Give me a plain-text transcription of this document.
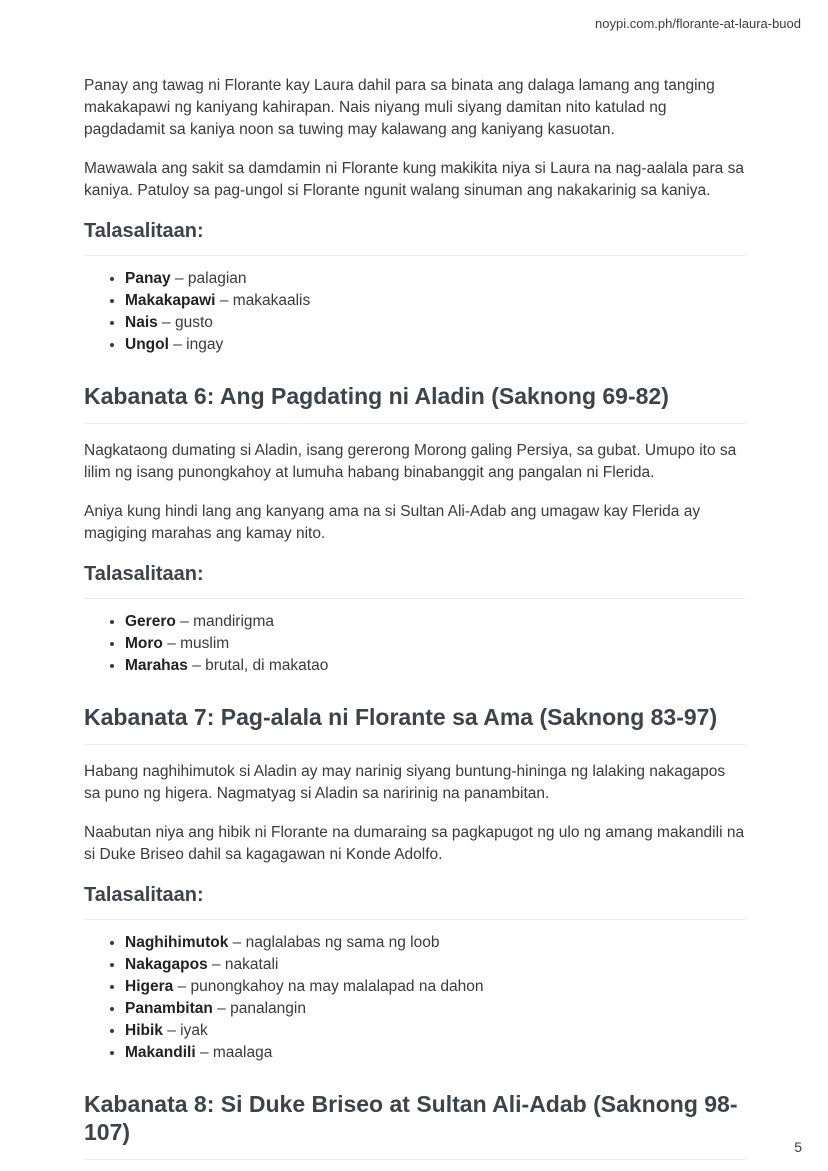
noypi.com.ph/florante-at-laura-buod

Panay ang tawag ni Florante kay Laura dahil para sa binata ang dalaga lamang ang tanging makakapawi ng kaniyang kahirapan. Nais niyang muli siyang damitan nito katulad ng pagdadamit sa kaniya noon sa tuwing may kalawang ang kaniyang kasuotan.

Mawawala ang sakit sa damdamin ni Florante kung makikita niya si Laura na nag-aalala para sa kaniya. Patuloy sa pag-ungol si Florante ngunit walang sinuman ang nakakarinig sa kaniya.

Talasalitaan:
• Panay – palagian
• Makakapawi – makakaalis
• Nais – gusto
• Ungol – ingay
Kabanata 6: Ang Pagdating ni Aladin (Saknong 69-82)

Nagkataong dumating si Aladin, isang gererong Morong galing Persiya, sa gubat. Umupo ito sa lilim ng isang punongkahoy at lumuha habang binabanggit ang pangalan ni Flerida.

Aniya kung hindi lang ang kanyang ama na si Sultan Ali-Adab ang umagaw kay Flerida ay magiging marahas ang kamay nito.

Talasalitaan:
• Gerero – mandirigma
• Moro – muslim
• Marahas – brutal, di makatao
Kabanata 7: Pag-alala ni Florante sa Ama (Saknong 83-97)

Habang naghihimutok si Aladin ay may narinig siyang buntung-hininga ng lalaking nakagapos sa puno ng higera. Nagmatyag si Aladin sa naririnig na panambitan.

Naabutan niya ang hibik ni Florante na dumaraing sa pagkapugot ng ulo ng amang makandili na si Duke Briseo dahil sa kagagawan ni Konde Adolfo.

Talasalitaan:
• Naghihimutok – naglalabas ng sama ng loob
• Nakagapos – nakatali
• Higera – punongkahoy na may malalapad na dahon
• Panambitan – panalangin
• Hibik – iyak
• Makandili – maalaga
Kabanata 8: Si Duke Briseo at Sultan Ali-Adab (Saknong 98-107)
5
